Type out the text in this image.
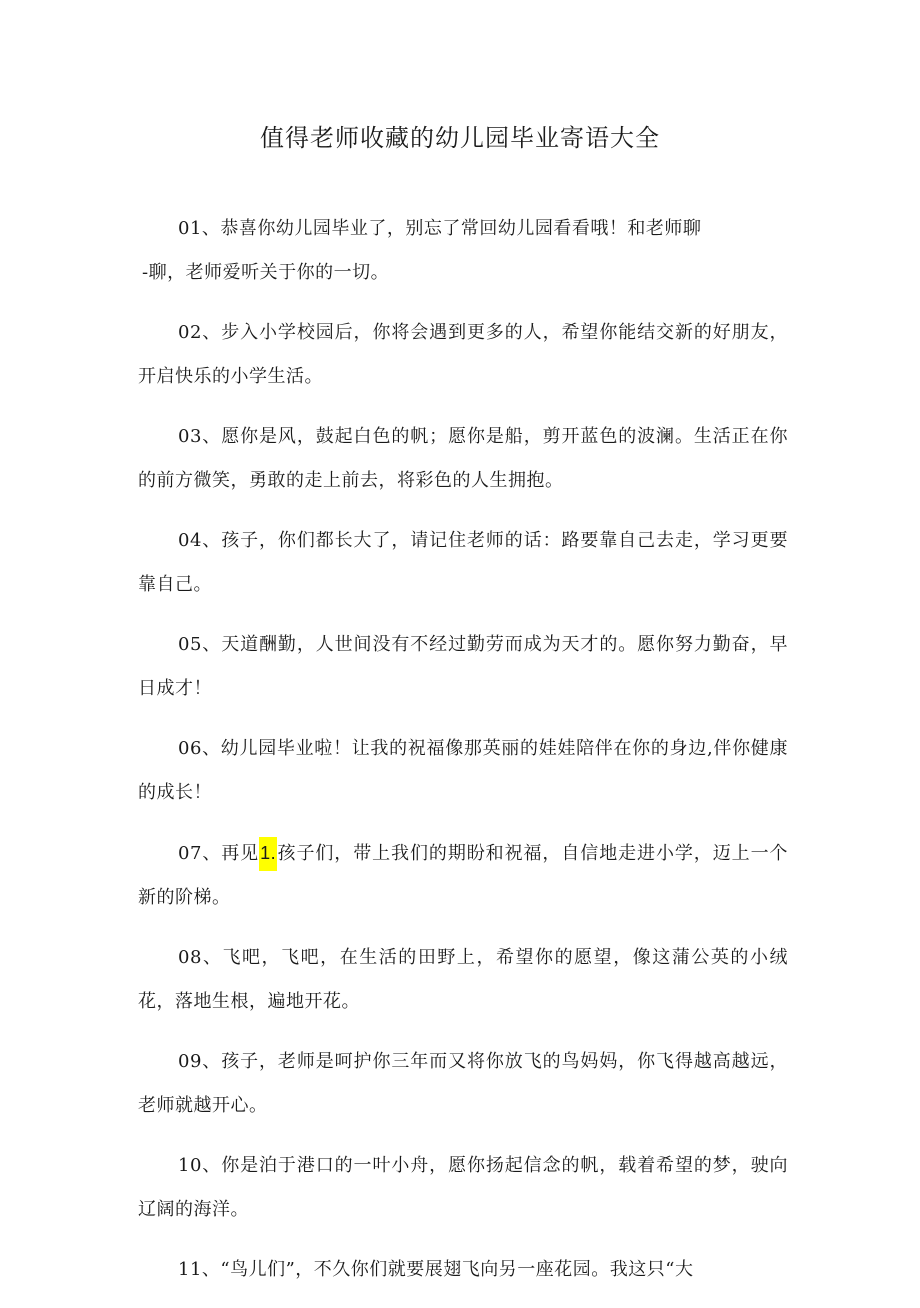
值得老师收藏的幼儿园毕业寄语大全

01、恭喜你幼儿园毕业了，别忘了常回幼儿园看看哦！和老师聊
-聊，老师爱听关于你的一切。

02、步入小学校园后，你将会遇到更多的人，希望你能结交新的好朋友，开启快乐的小学生活。

03、愿你是风，鼓起白色的帆；愿你是船，剪开蓝色的波澜。生活正在你的前方微笑，勇敢的走上前去，将彩色的人生拥抱。

04、孩子，你们都长大了，请记住老师的话：路要靠自己去走，学习更要靠自己。

05、天道酬勤，人世间没有不经过勤劳而成为天才的。愿你努力勤奋，早日成才！

06、幼儿园毕业啦！让我的祝福像那英丽的娃娃陪伴在你的身边,伴你健康的成长！

07、再见1.孩子们，带上我们的期盼和祝福，自信地走进小学，迈上一个新的阶梯。

08、飞吧，飞吧，在生活的田野上，希望你的愿望，像这蒲公英的小绒花，落地生根，遍地开花。

09、孩子，老师是呵护你三年而又将你放飞的鸟妈妈，你飞得越高越远，老师就越开心。

10、你是泊于港口的一叶小舟，愿你扬起信念的帆，载着希望的梦，驶向辽阔的海洋。

11、“鸟儿们”，不久你们就要展翅飞向另一座花园。我这只“大
